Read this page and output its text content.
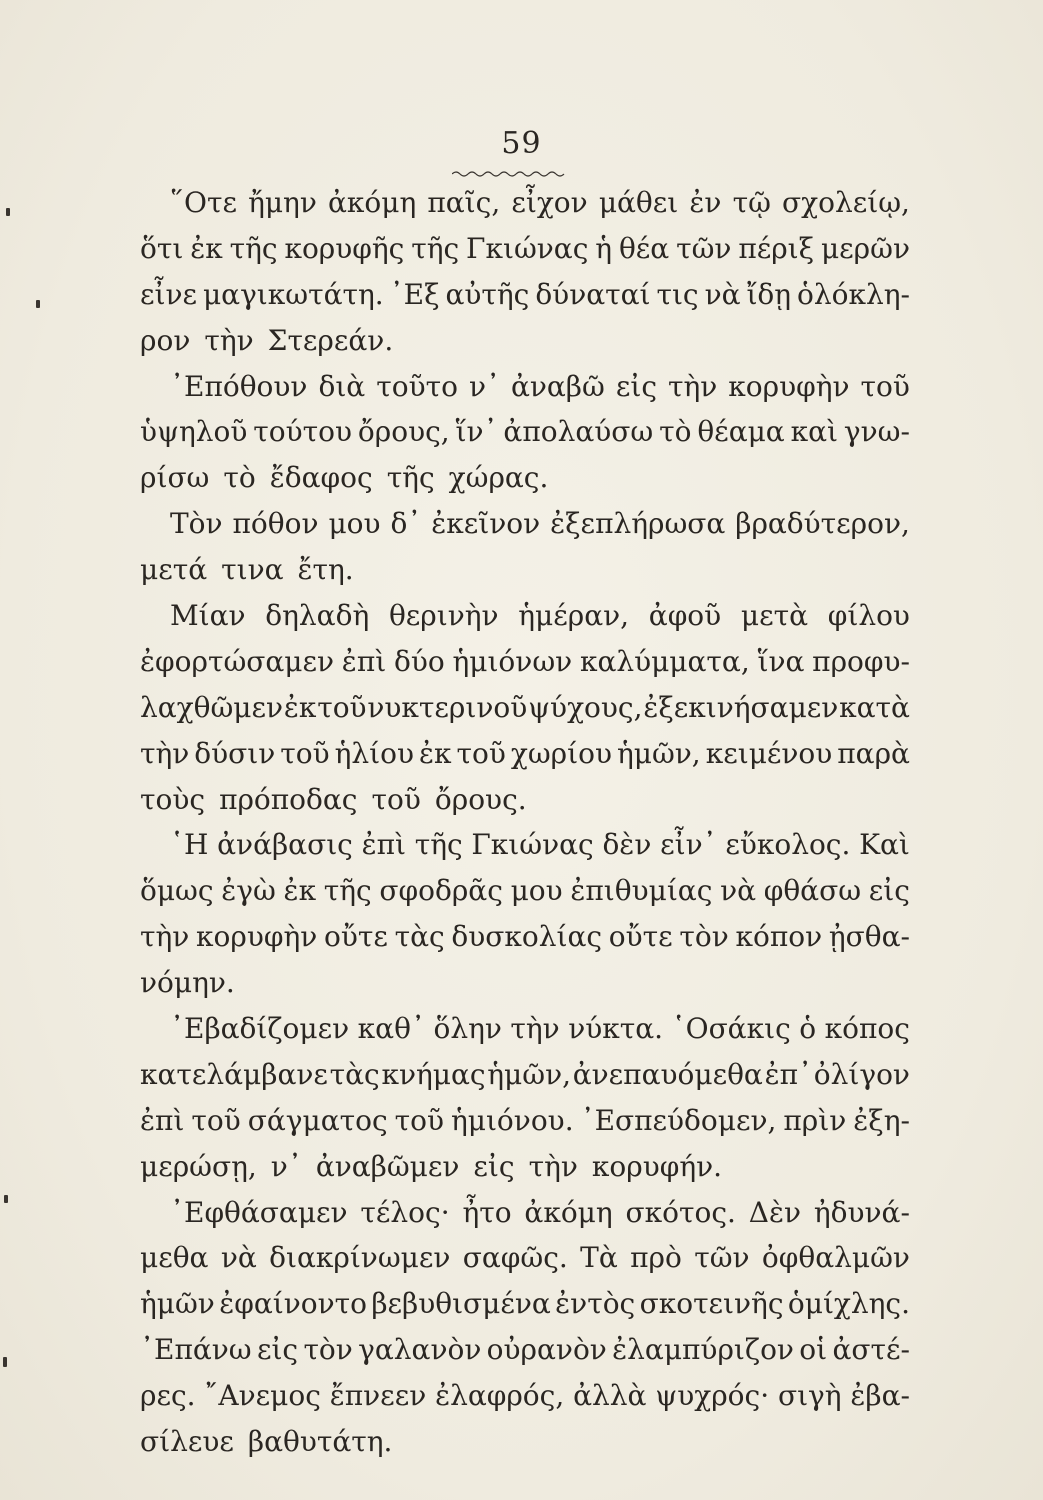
59
῞Οτε ἤμην ἀκόμη παῖς, εἶχον μάθει ἐν τῷ σχολείῳ,
ὅτι ἐκ τῆς κορυφῆς τῆς Γκιώνας ἡ θέα τῶν πέριξ μερῶν
εἶνε μαγικωτάτη. ᾿Εξ αὐτῆς δύναταί τις νὰ ἴδῃ ὁλόκλη-
ρον τὴν Στερεάν.
᾿Επόθουν διὰ τοῦτο ν᾿ ἀναβῶ εἰς τὴν κορυφὴν τοῦ
ὑψηλοῦ τούτου ὄρους, ἵν᾿ ἀπολαύσω τὸ θέαμα καὶ γνω-
ρίσω τὸ ἔδαφος τῆς χώρας.
Τὸν πόθον μου δ᾿ ἐκεῖνον ἐξεπλήρωσα βραδύτερον,
μετά τινα ἔτη.
Μίαν δηλαδὴ θερινὴν ἡμέραν, ἀφοῦ μετὰ φίλου
ἐφορτώσαμεν ἐπὶ δύο ἡμιόνων καλύμματα, ἵνα προφυ-
λαχθῶμεν ἐκ τοῦ νυκτερινοῦ ψύχους, ἐξεκινήσαμεν κατὰ
τὴν δύσιν τοῦ ἡλίου ἐκ τοῦ χωρίου ἡμῶν, κειμένου παρὰ
τοὺς πρόποδας τοῦ ὄρους.
῾Η ἀνάβασις ἐπὶ τῆς Γκιώνας δὲν εἶν᾿ εὔκολος. Καὶ
ὅμως ἐγὼ ἐκ τῆς σφοδρᾶς μου ἐπιθυμίας νὰ φθάσω εἰς
τὴν κορυφὴν οὔτε τὰς δυσκολίας οὔτε τὸν κόπον ᾐσθα-
νόμην.
᾿Εβαδίζομεν καθ᾿ ὅλην τὴν νύκτα. ῾Οσάκις ὁ κόπος
κατελάμβανε τὰς κνήμας ἡμῶν, ἀνεπαυόμεθα ἐπ᾿ ὀλίγον
ἐπὶ τοῦ σάγματος τοῦ ἡμιόνου. ᾿Εσπεύδομεν, πρὶν ἐξη-
μερώσῃ, ν᾿ ἀναβῶμεν εἰς τὴν κορυφήν.
᾿Εφθάσαμεν τέλος· ἦτο ἀκόμη σκότος. Δὲν ἠδυνά-
μεθα νὰ διακρίνωμεν σαφῶς. Τὰ πρὸ τῶν ὀφθαλμῶν
ἡμῶν ἐφαίνοντο βεβυθισμένα ἐντὸς σκοτεινῆς ὁμίχλης.
᾿Επάνω εἰς τὸν γαλανὸν οὐρανὸν ἐλαμπύριζον οἱ ἀστέ-
ρες. ῎Ανεμος ἔπνεεν ἐλαφρός, ἀλλὰ ψυχρός· σιγὴ ἐβα-
σίλευε βαθυτάτη.
